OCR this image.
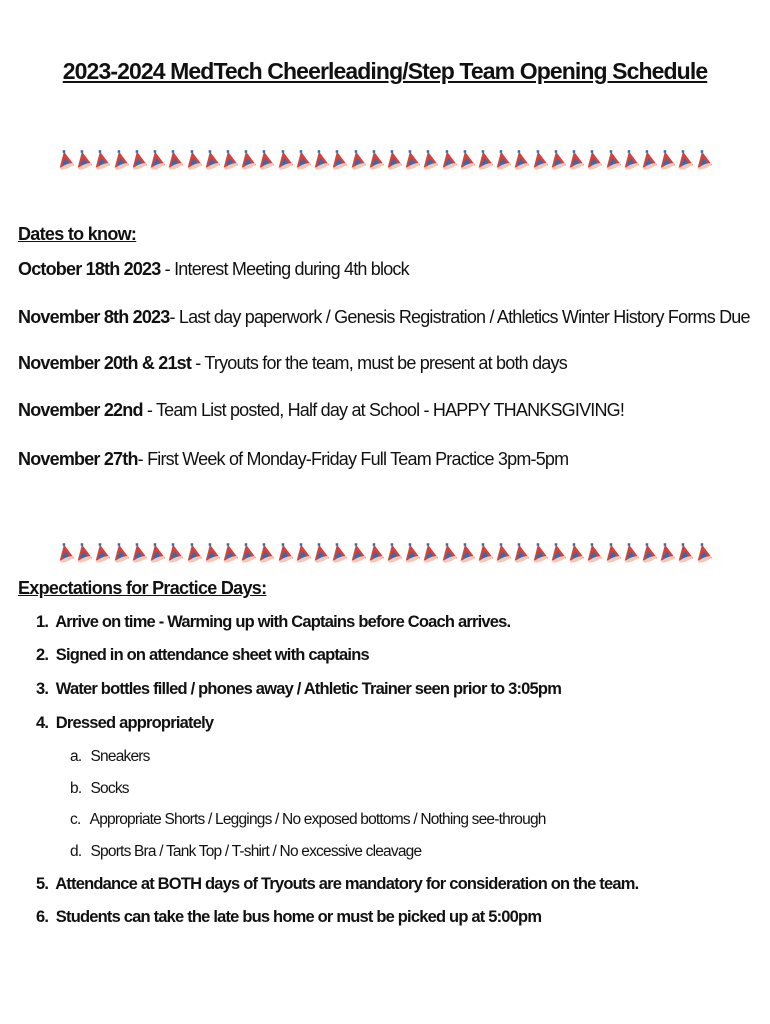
2023-2024 MedTech Cheerleading/Step Team Opening Schedule
Dates to know:
October 18th 2023 - Interest Meeting during 4th block
November 8th 2023- Last day paperwork / Genesis Registration / Athletics Winter History Forms Due
November 20th & 21st - Tryouts for the team, must be present at both days
November 22nd - Team List posted, Half day at School - HAPPY THANKSGIVING!
November 27th- First Week of Monday-Friday Full Team Practice 3pm-5pm
Expectations for Practice Days:
1. Arrive on time - Warming up with Captains before Coach arrives.
2. Signed in on attendance sheet with captains
3. Water bottles filled / phones away / Athletic Trainer seen prior to 3:05pm
4. Dressed appropriately
a. Sneakers
b. Socks
c. Appropriate Shorts / Leggings / No exposed bottoms / Nothing see-through
d. Sports Bra / Tank Top / T-shirt / No excessive cleavage
5. Attendance at BOTH days of Tryouts are mandatory for consideration on the team.
6. Students can take the late bus home or must be picked up at 5:00pm
